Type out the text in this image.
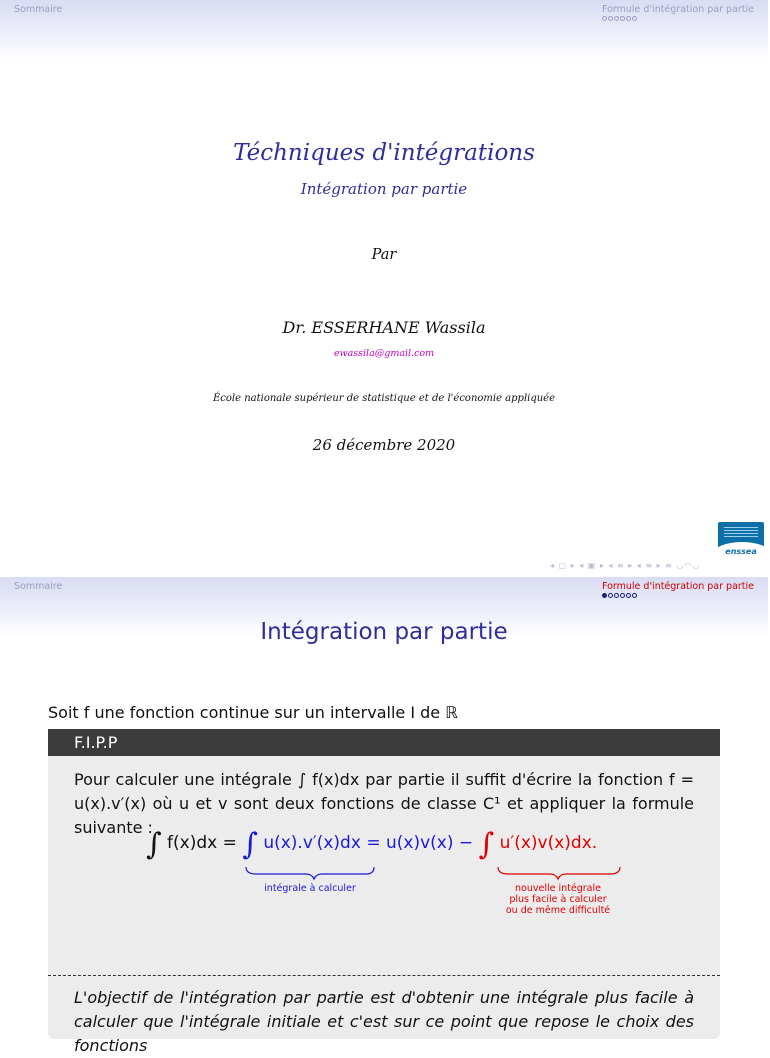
Sommaire	Formule d'intégration par partie
Téchniques d'intégrations
Intégration par partie
Par
Dr. ESSERHANE Wassila
ewassila@gmail.com
École nationale supérieur de statistique et de l'économie appliquée
26 décembre 2020
enssea
◂ ▢ ▸ ◂ ▣ ▸ ◂ ≡ ▸ ◂ ≡ ▸ ≡ ◡◠◡
Sommaire	Formule d'intégration par partie
Intégration par partie
Soit f une fonction continue sur un intervalle I de ℝ
F.I.P.P
Pour calculer une intégrale ∫ f(x)dx par partie il suffit d'écrire la fonction f = u(x).v′(x) où u et v sont deux fonctions de classe C¹ et appliquer la formule suivante :
∫ f(x)dx = ∫ u(x).v′(x)dx = u(x)v(x) − ∫ u′(x)v(x)dx.
intégrale à calculer	nouvelle intégrale
plus facile à calculer
ou de même difficulté
L'objectif de l'intégration par partie est d'obtenir une intégrale plus facile à calculer que l'intégrale initiale et c'est sur ce point que repose le choix des fonctions
